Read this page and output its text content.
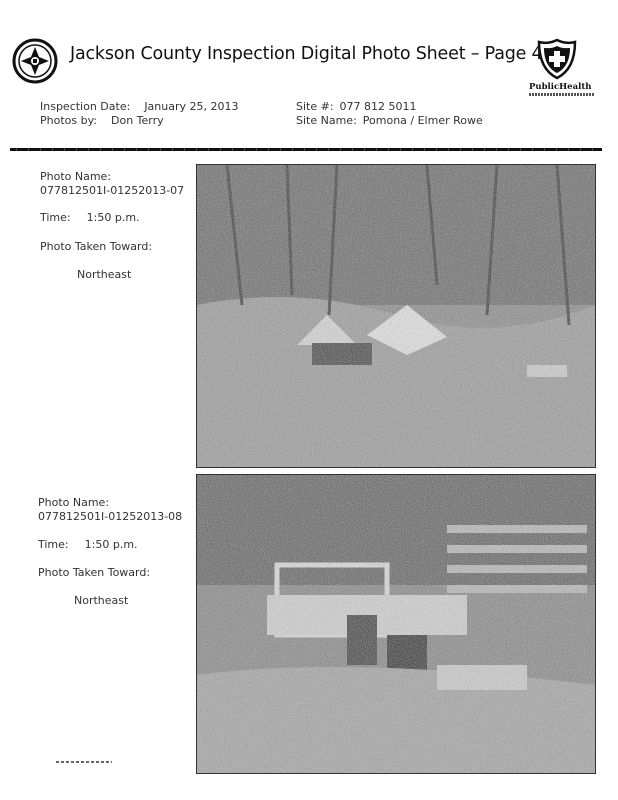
Jackson County Inspection Digital Photo Sheet – Page 4
PublicHealth
Inspection Date: January 25, 2013
Photos by: Don Terry
Site #: 077 812 5011
Site Name: Pomona / Elmer Rowe
Photo Name:
077812501I-01252013-07
Time: 1:50 p.m.
Photo Taken Toward:
Northeast
Photo Name:
077812501I-01252013-08
Time: 1:50 p.m.
Photo Taken Toward:
Northeast
